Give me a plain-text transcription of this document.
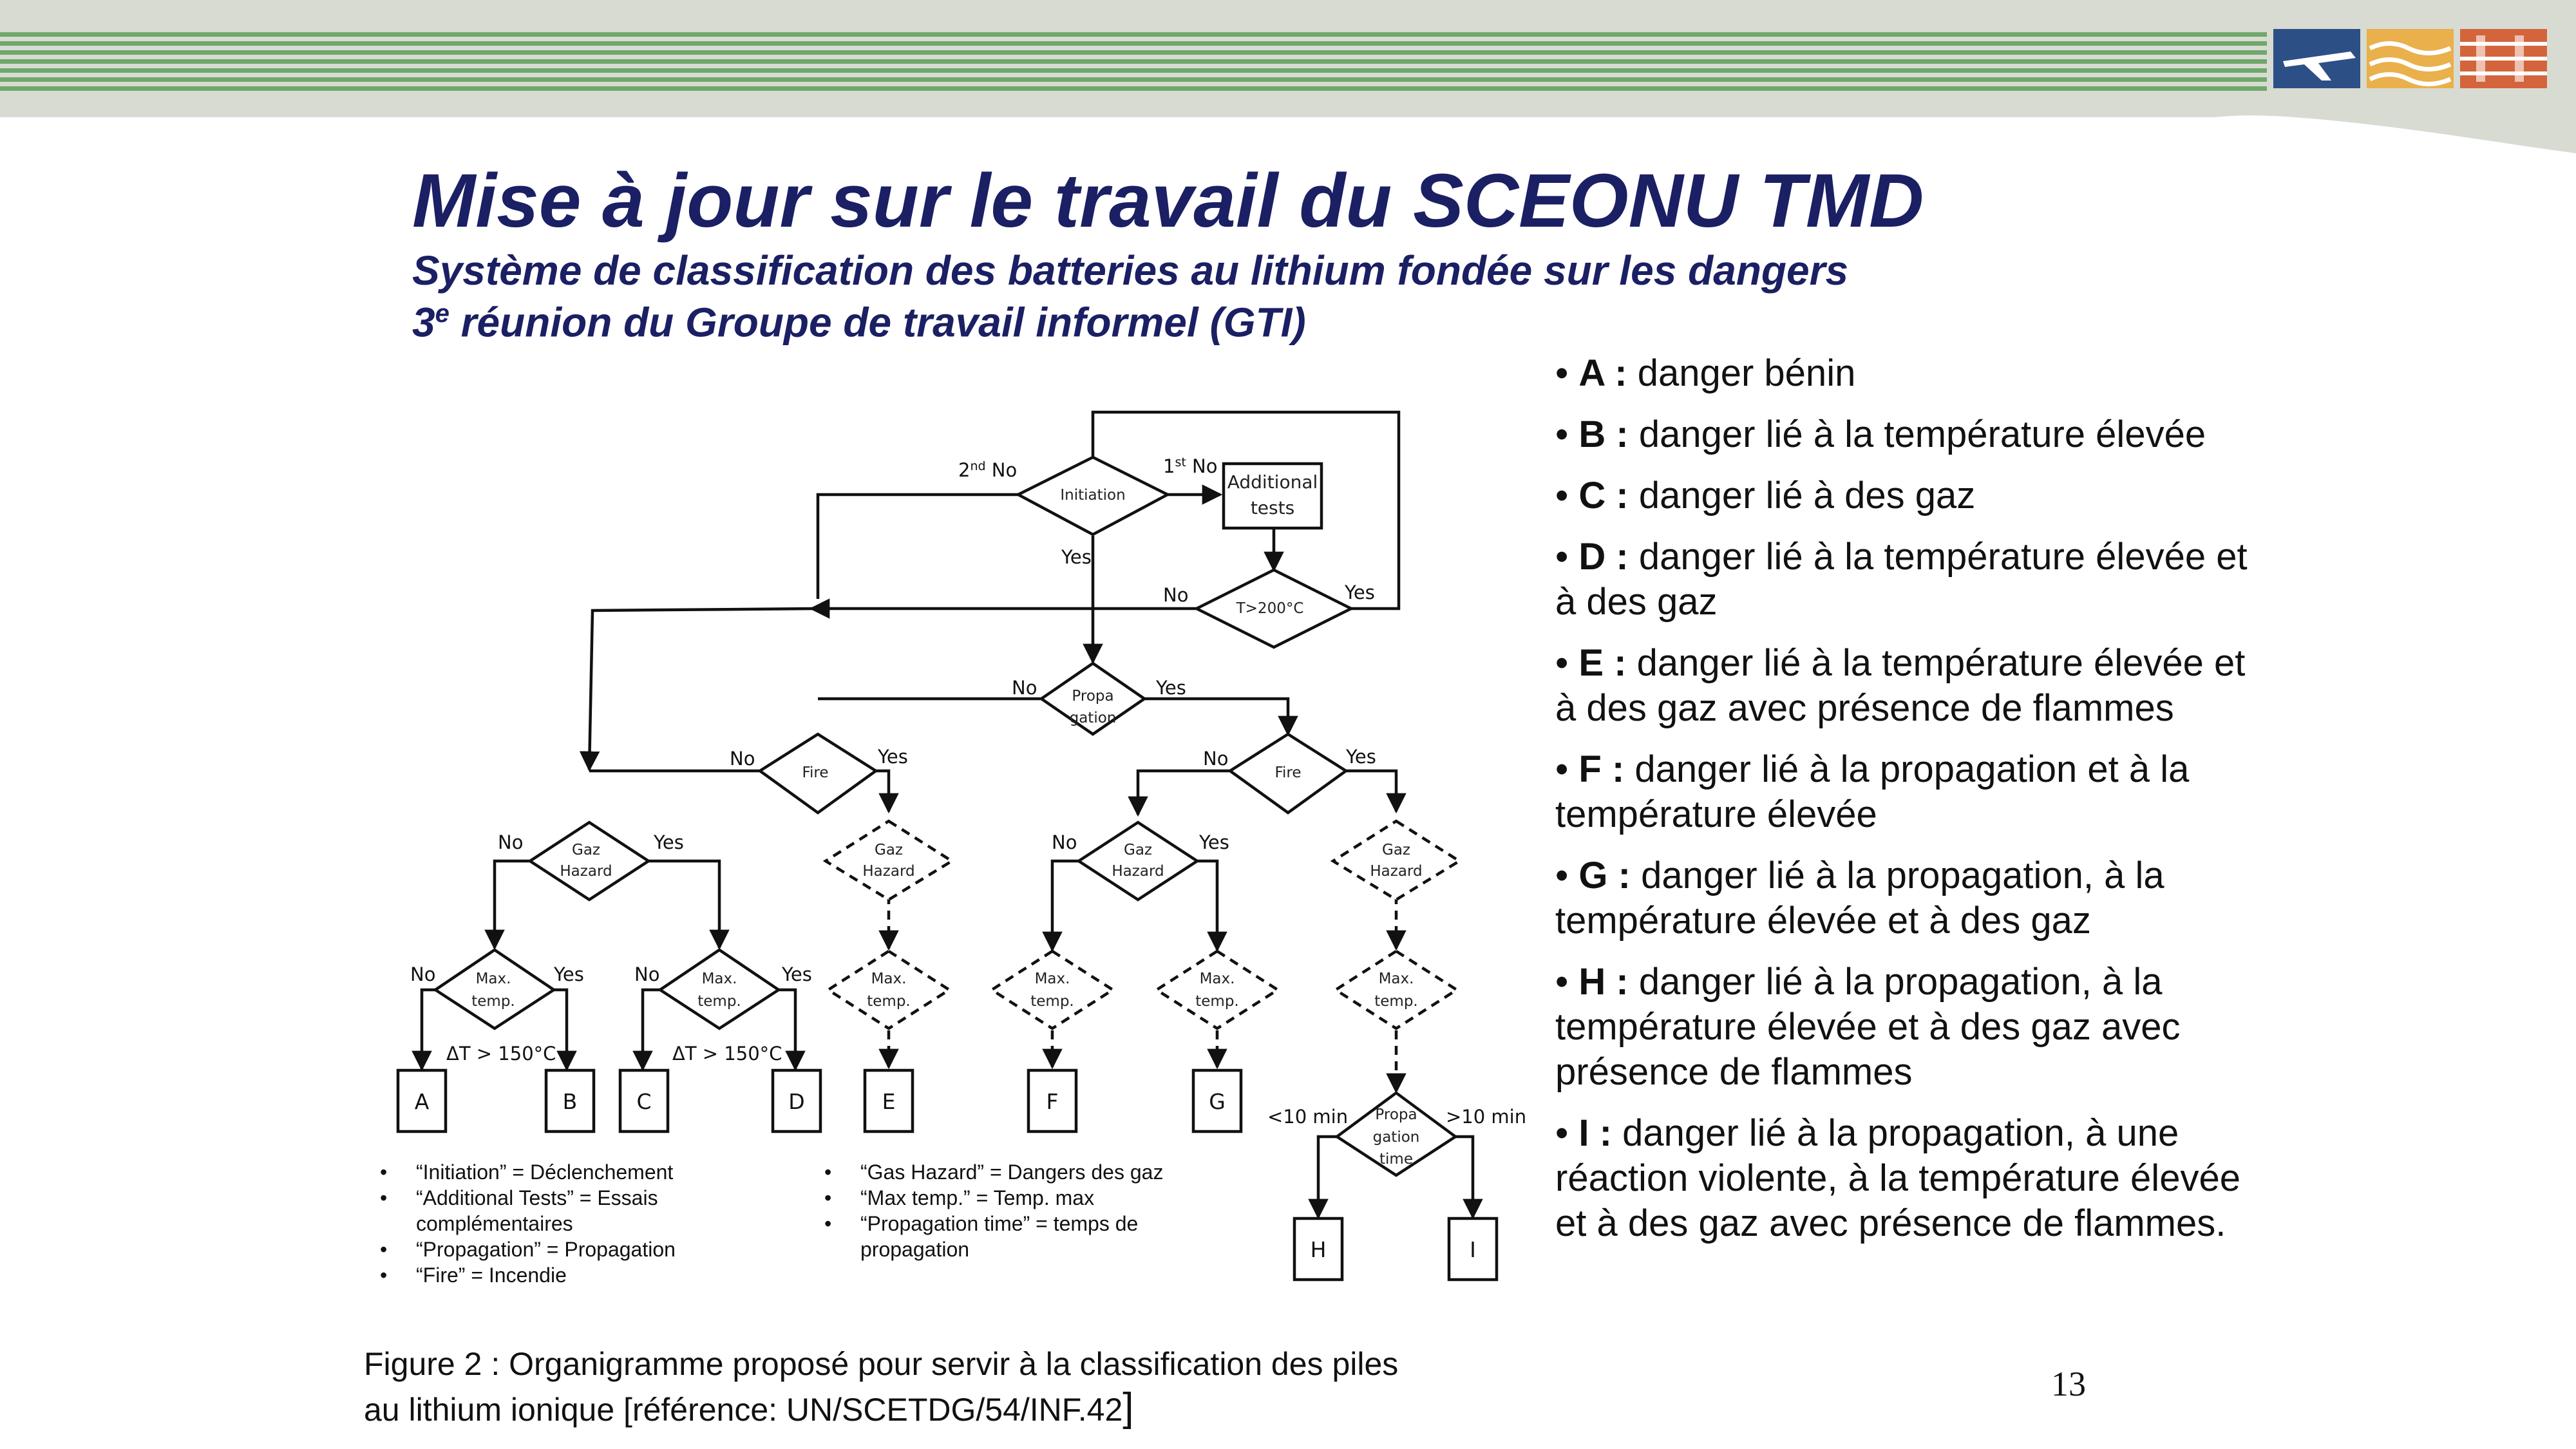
Mise à jour sur le travail du SCEONU TMD
Système de classification des batteries au lithium fondée sur les dangers
3e réunion du Groupe de travail informel (GTI)
Initiation
Additional
tests
T>200°C
Propa
gation
Fire	Fire
Gaz
Hazard
Gaz
Hazard
Gaz
Hazard
Gaz
Hazard
Max.
temp.
Max.
temp.
Max.
temp.
Max.
temp.
Max.
temp.
Max.
temp.
Propa
gation
time
2nd No	1st No
Yes
No	Yes
No	Yes
No	Yes	No	Yes
No	Yes	No	Yes
No	Yes	No	Yes
ΔT > 150°C	ΔT > 150°C
<10 min	>10 min
A	B	C	D	E	F	G
H	I
• “Initiation” = Déclenchement
• “Additional Tests” = Essais complémentaires
• “Propagation” = Propagation
• “Fire” = Incendie
• “Gas Hazard” = Dangers des gaz
• “Max temp.” = Temp. max
• “Propagation time” = temps de propagation
• A : danger bénin
• B : danger lié à la température élevée
• C : danger lié à des gaz
• D : danger lié à la température élevée et à des gaz
• E : danger lié à la température élevée et à des gaz avec présence de flammes
• F : danger lié à la propagation et à la température élevée
• G : danger lié à la propagation, à la température élevée et à des gaz
• H : danger lié à la propagation, à la température élevée et à des gaz avec présence de flammes
• I : danger lié à la propagation, à une réaction violente, à la température élevée et à des gaz avec présence de flammes.
Figure 2 : Organigramme proposé pour servir à la classification des piles
au lithium ionique [référence: UN/SCETDG/54/INF.42]
13
